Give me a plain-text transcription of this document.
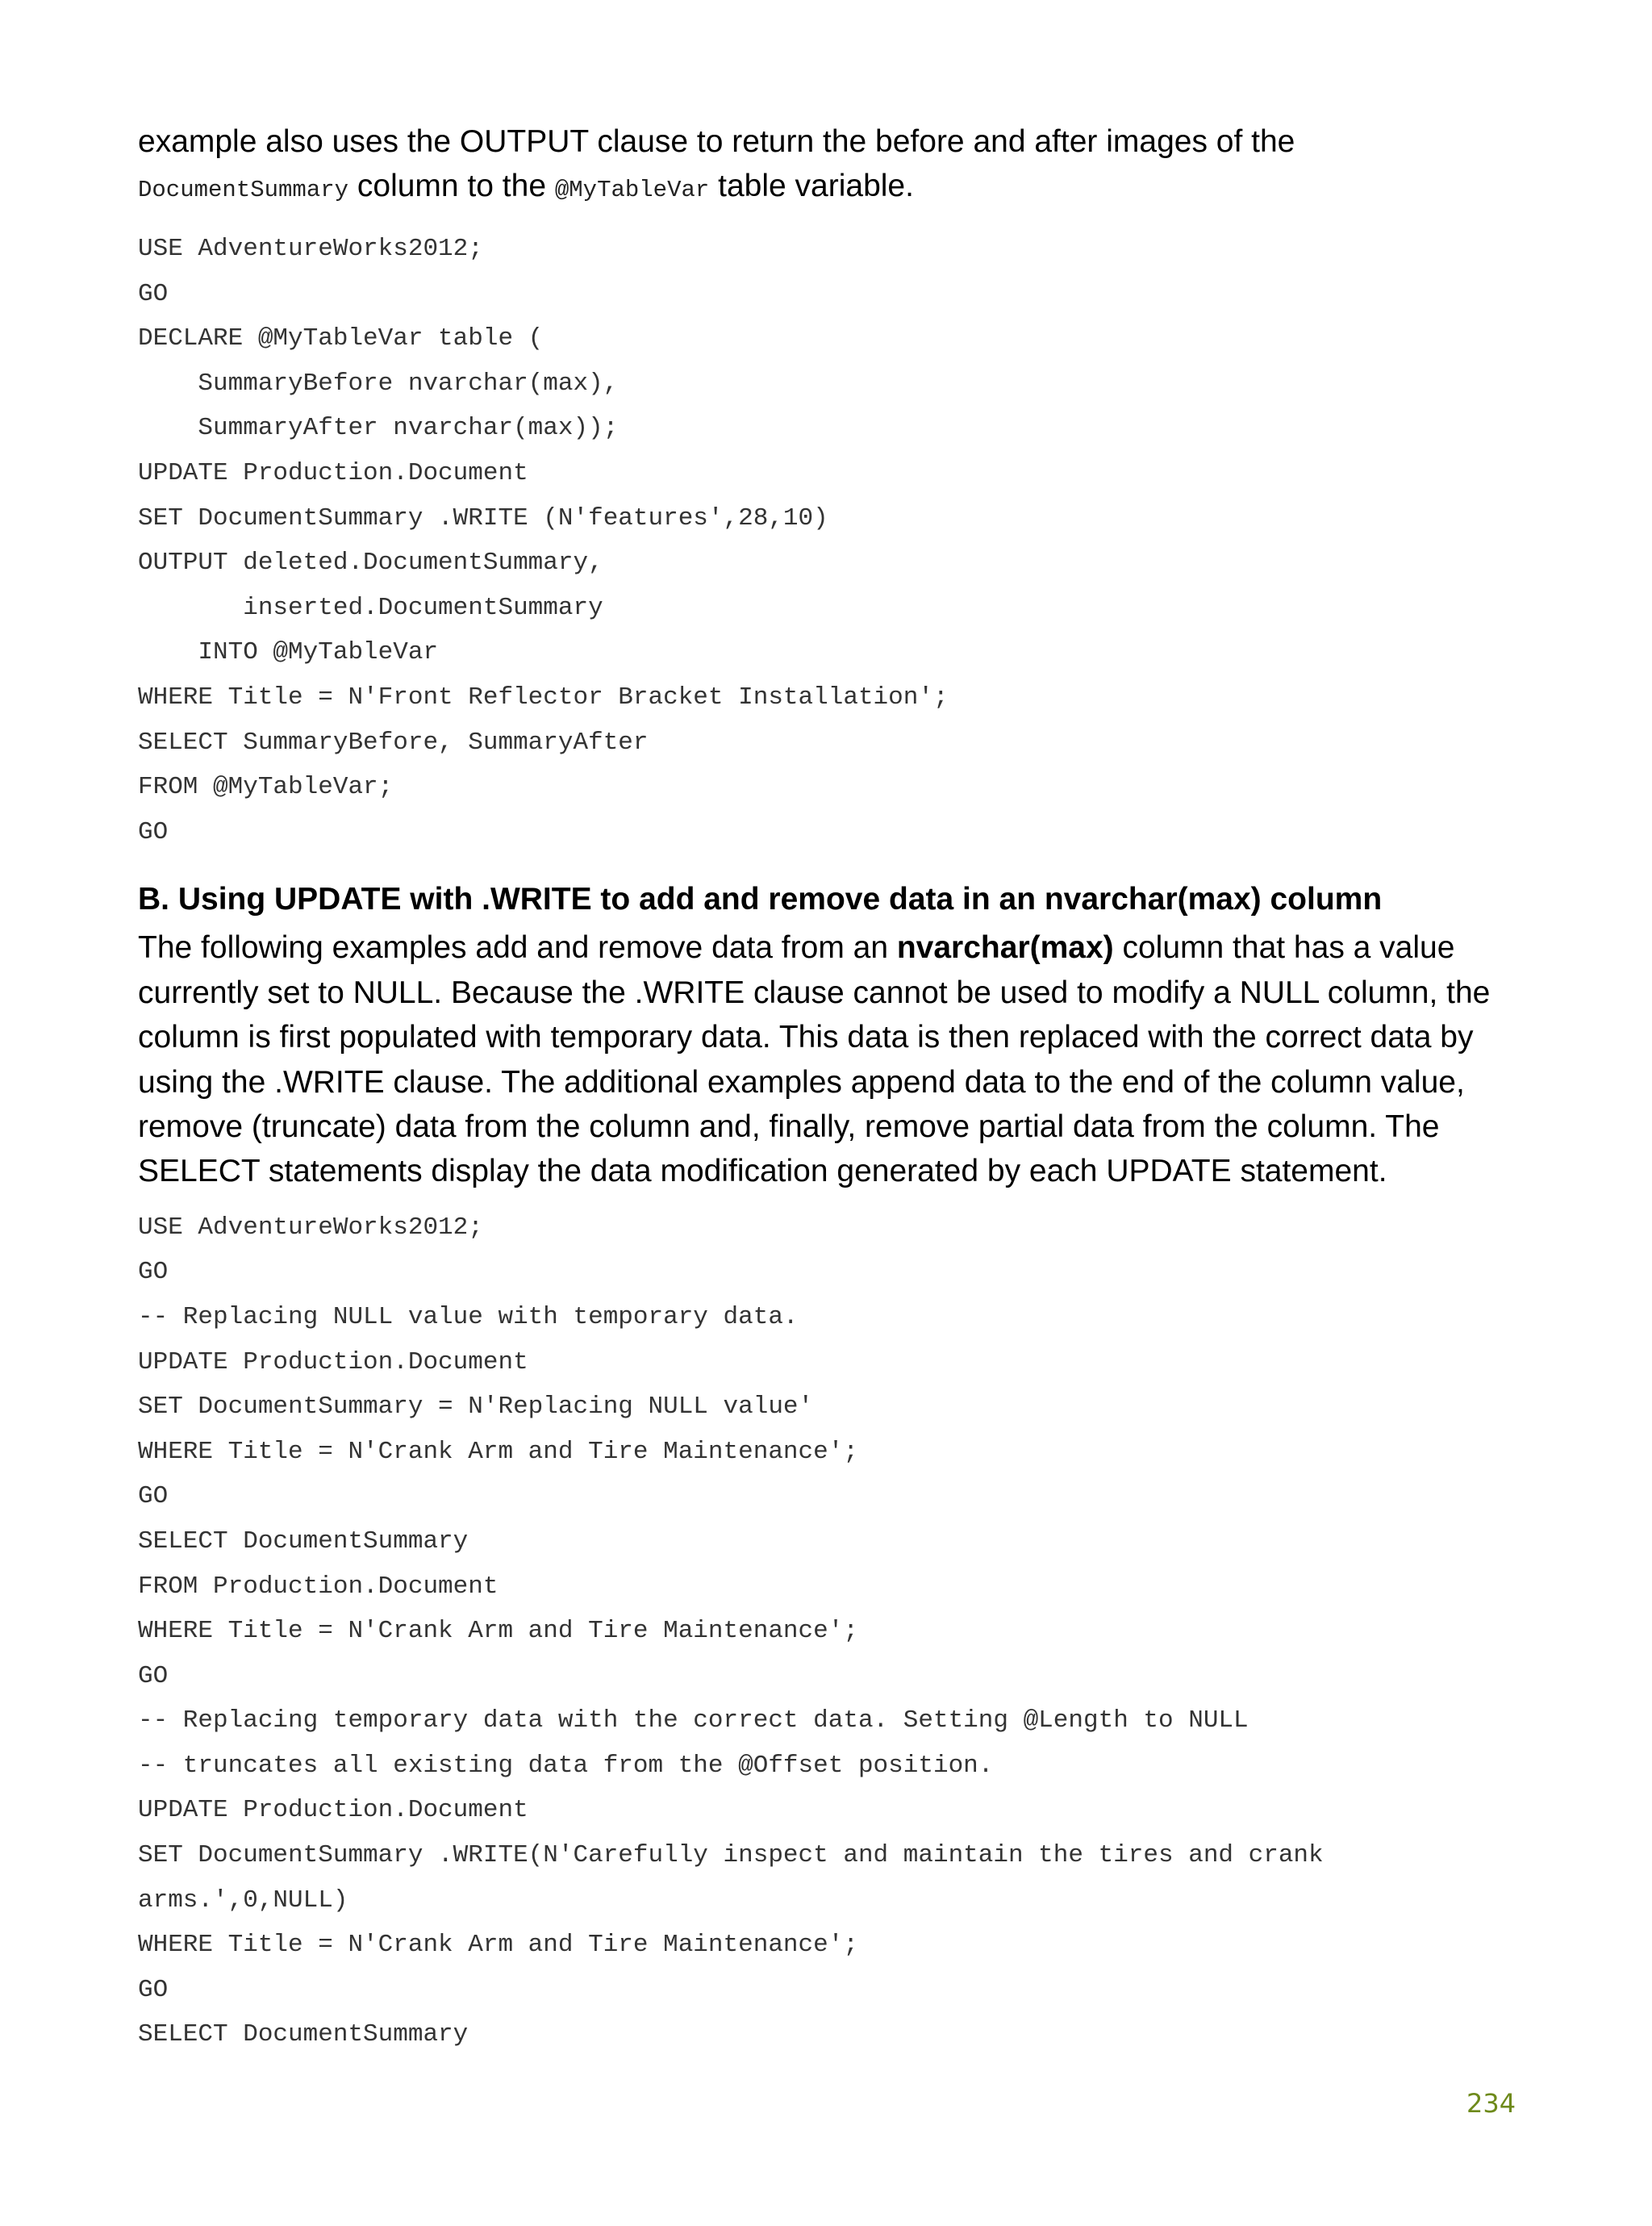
example also uses the OUTPUT clause to return the before and after images of the
DocumentSummary column to the @MyTableVar table variable.

USE AdventureWorks2012;
GO
DECLARE @MyTableVar table (
SummaryBefore nvarchar(max),
SummaryAfter nvarchar(max));
UPDATE Production.Document
SET DocumentSummary .WRITE (N'features',28,10)
OUTPUT deleted.DocumentSummary,
inserted.DocumentSummary
INTO @MyTableVar
WHERE Title = N'Front Reflector Bracket Installation';
SELECT SummaryBefore, SummaryAfter
FROM @MyTableVar;
GO
B. Using UPDATE with .WRITE to add and remove data in an nvarchar(max) column

The following examples add and remove data from an nvarchar(max) column that has a value currently set to NULL. Because the .WRITE clause cannot be used to modify a NULL column, the column is first populated with temporary data. This data is then replaced with the correct data by using the .WRITE clause. The additional examples append data to the end of the column value, remove (truncate) data from the column and, finally, remove partial data from the column. The SELECT statements display the data modification generated by each UPDATE statement.

USE AdventureWorks2012;
GO
-- Replacing NULL value with temporary data.
UPDATE Production.Document
SET DocumentSummary = N'Replacing NULL value'
WHERE Title = N'Crank Arm and Tire Maintenance';
GO
SELECT DocumentSummary
FROM Production.Document
WHERE Title = N'Crank Arm and Tire Maintenance';
GO
-- Replacing temporary data with the correct data. Setting @Length to NULL
-- truncates all existing data from the @Offset position.
UPDATE Production.Document
SET DocumentSummary .WRITE(N'Carefully inspect and maintain the tires and crank
arms.',0,NULL)
WHERE Title = N'Crank Arm and Tire Maintenance';
GO
SELECT DocumentSummary
234
